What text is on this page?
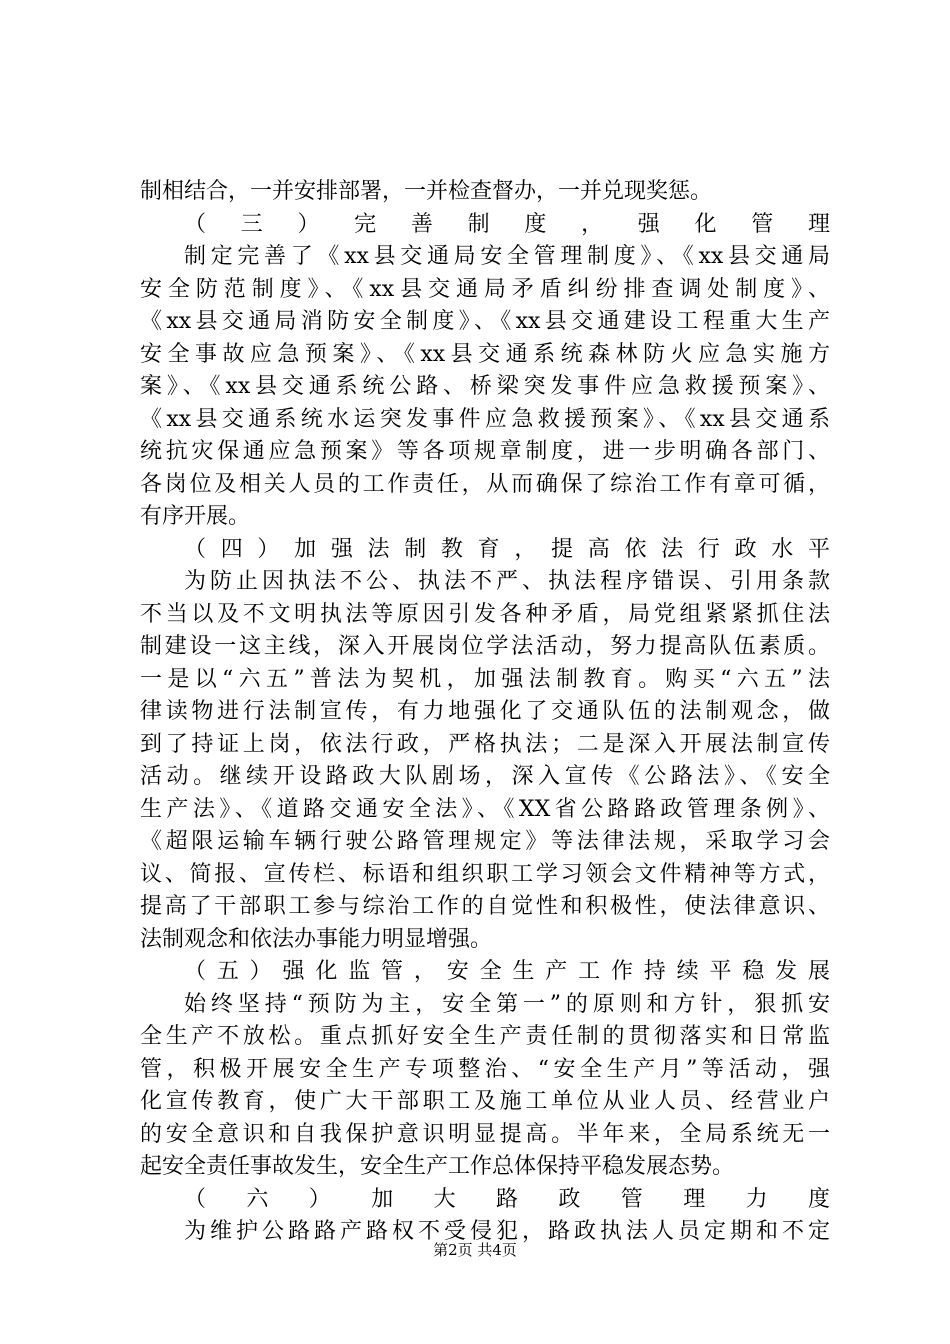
制相结合，一并安排部署，一并检查督办，一并兑现奖惩。
（三）完善制度，强化管理
制定完善了《xx县交通局安全管理制度》、《xx县交通局
安全防范制度》、《xx县交通局矛盾纠纷排查调处制度》、
《xx县交通局消防安全制度》、《xx县交通建设工程重大生产
安全事故应急预案》、《xx县交通系统森林防火应急实施方
案》、《xx县交通系统公路、桥梁突发事件应急救援预案》、
《xx县交通系统水运突发事件应急救援预案》、《xx县交通系
统抗灾保通应急预案》等各项规章制度，进一步明确各部门、
各岗位及相关人员的工作责任，从而确保了综治工作有章可循，
有序开展。
（四）加强法制教育，提高依法行政水平
为防止因执法不公、执法不严、执法程序错误、引用条款
不当以及不文明执法等原因引发各种矛盾，局党组紧紧抓住法
制建设一这主线，深入开展岗位学法活动，努力提高队伍素质。
一是以“六五”普法为契机，加强法制教育。购买“六五”法
律读物进行法制宣传，有力地强化了交通队伍的法制观念，做
到了持证上岗，依法行政，严格执法；二是深入开展法制宣传
活动。继续开设路政大队剧场，深入宣传《公路法》、《安全
生产法》、《道路交通安全法》、《XX省公路路政管理条例》、
《超限运输车辆行驶公路管理规定》等法律法规，采取学习会
议、简报、宣传栏、标语和组织职工学习领会文件精神等方式，
提高了干部职工参与综治工作的自觉性和积极性，使法律意识、
法制观念和依法办事能力明显增强。
（五）强化监管，安全生产工作持续平稳发展
始终坚持“预防为主，安全第一”的原则和方针，狠抓安
全生产不放松。重点抓好安全生产责任制的贯彻落实和日常监
管，积极开展安全生产专项整治、“安全生产月”等活动，强
化宣传教育，使广大干部职工及施工单位从业人员、经营业户
的安全意识和自我保护意识明显提高。半年来，全局系统无一
起安全责任事故发生，安全生产工作总体保持平稳发展态势。
（六）加大路政管理力度
为维护公路路产路权不受侵犯，路政执法人员定期和不定
第2页 共4页
